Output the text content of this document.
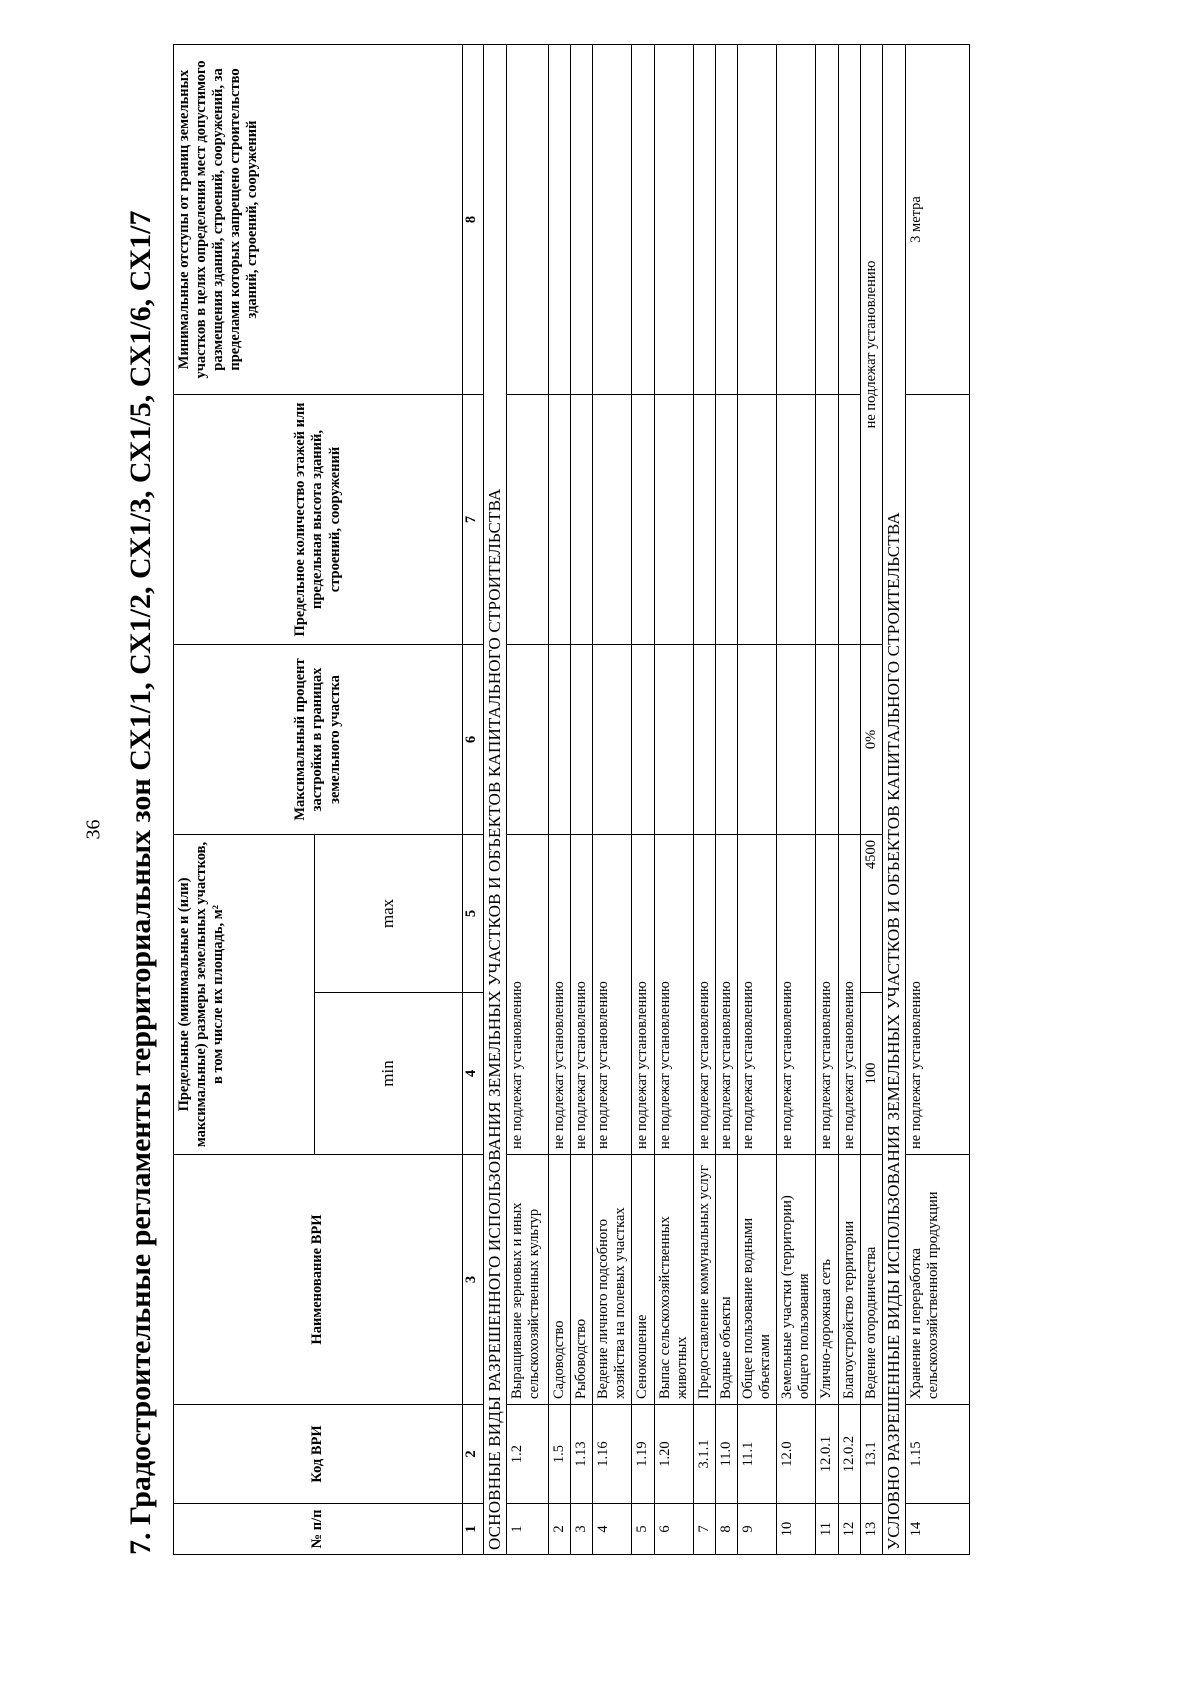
36 7. Градостроительные регламенты территориальных зон СХ1/1, СХ1/2, СХ1/3, СХ1/5, СХ1/6, СХ1/7	№ п/п	Код ВРИ	Наименование ВРИ	Предельные (минимальные и (или) максимальные) размеры земельных участков, в том числе их площадь, м²		Максимальный процент застройки в границах земельного участка	Предельное количество этажей или предельная высота зданий, строений, сооружений	Минимальные отступы от границ земельных участков в целях определения мест допустимого размещения зданий, строений, сооружений, за пределами которых запрещено строительство зданий, строений, сооружений
			min	max			
1	2	3	4	5	6	7	8
ОСНОВНЫЕ ВИДЫ РАЗРЕШЕННОГО ИСПОЛЬЗОВАНИЯ ЗЕМЕЛЬНЫХ УЧАСТКОВ И ОБЪЕКТОВ КАПИТАЛЬНОГО СТРОИТЕЛЬСТВА							
1	1.2	Выращивание зерновых и иных сельскохозяйственных культур	не подлежат установлению				
2	1.5	Садоводство	не подлежат установлению				
3	1.13	Рыбоводство	не подлежат установлению				
4	1.16	Ведение личного подсобного хозяйства на полевых участках	не подлежат установлению				
5	1.19	Сенокошение	не подлежат установлению				
6	1.20	Выпас сельскохозяйственных животных	не подлежат установлению				
7	3.1.1	Предоставление коммунальных услуг	не подлежат установлению				
8	11.0	Водные объекты	не подлежат установлению				
9	11.1	Общее пользование водными объектами	не подлежат установлению				
10	12.0	Земельные участки (территории) общего пользования	не подлежат установлению				
11	12.0.1	Улично-дорожная сеть	не подлежат установлению				
12	12.0.2	Благоустройство территории	не подлежат установлению				
13	13.1	Ведение огородничества	100	4500	0%	не подлежат установлению	
УСЛОВНО РАЗРЕШЕННЫЕ ВИДЫ ИСПОЛЬЗОВАНИЯ ЗЕМЕЛЬНЫХ УЧАСТКОВ И ОБЪЕКТОВ КАПИТАЛЬНОГО СТРОИТЕЛЬСТВА							
14	1.15	Хранение и переработка сельскохозяйственной продукции	не подлежат установлению				3 метра
